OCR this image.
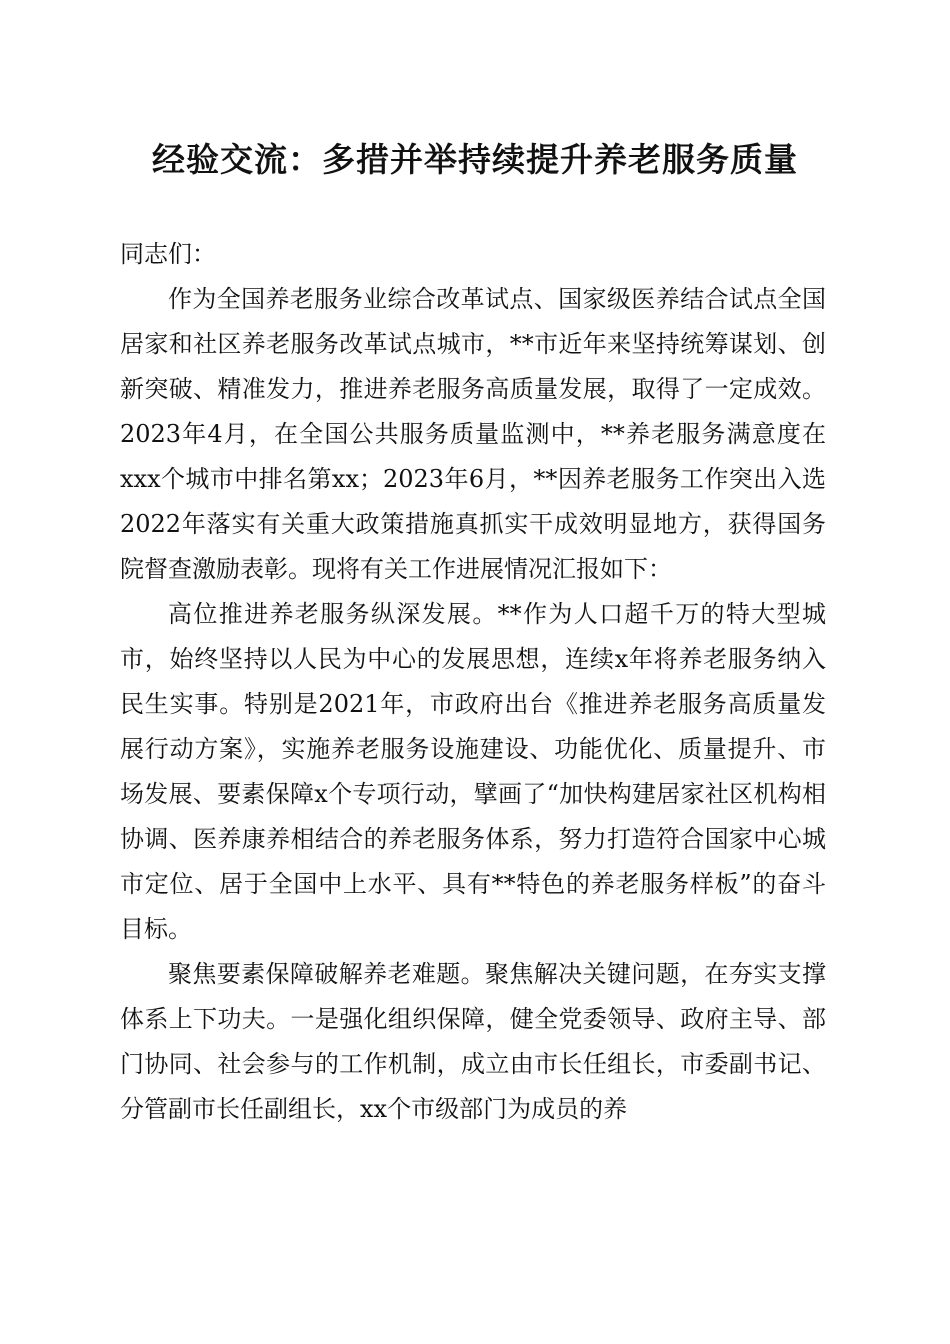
经验交流：多措并举持续提升养老服务质量

同志们：

作为全国养老服务业综合改革试点、国家级医养结合试点全国居家和社区养老服务改革试点城市，**市近年来坚持统筹谋划、创新突破、精准发力，推进养老服务高质量发展，取得了一定成效。2023年4月，在全国公共服务质量监测中，**养老服务满意度在xxx个城市中排名第xx；2023年6月，**因养老服务工作突出入选2022年落实有关重大政策措施真抓实干成效明显地方，获得国务院督查激励表彰。现将有关工作进展情况汇报如下：

高位推进养老服务纵深发展。**作为人口超千万的特大型城市，始终坚持以人民为中心的发展思想，连续x年将养老服务纳入民生实事。特别是2021年，市政府出台《推进养老服务高质量发展行动方案》，实施养老服务设施建设、功能优化、质量提升、市场发展、要素保障x个专项行动，擘画了“加快构建居家社区机构相协调、医养康养相结合的养老服务体系，努力打造符合国家中心城市定位、居于全国中上水平、具有**特色的养老服务样板”的奋斗目标。

聚焦要素保障破解养老难题。聚焦解决关键问题，在夯实支撑体系上下功夫。一是强化组织保障，健全党委领导、政府主导、部门协同、社会参与的工作机制，成立由市长任组长，市委副书记、分管副市长任副组长，xx个市级部门为成员的养
